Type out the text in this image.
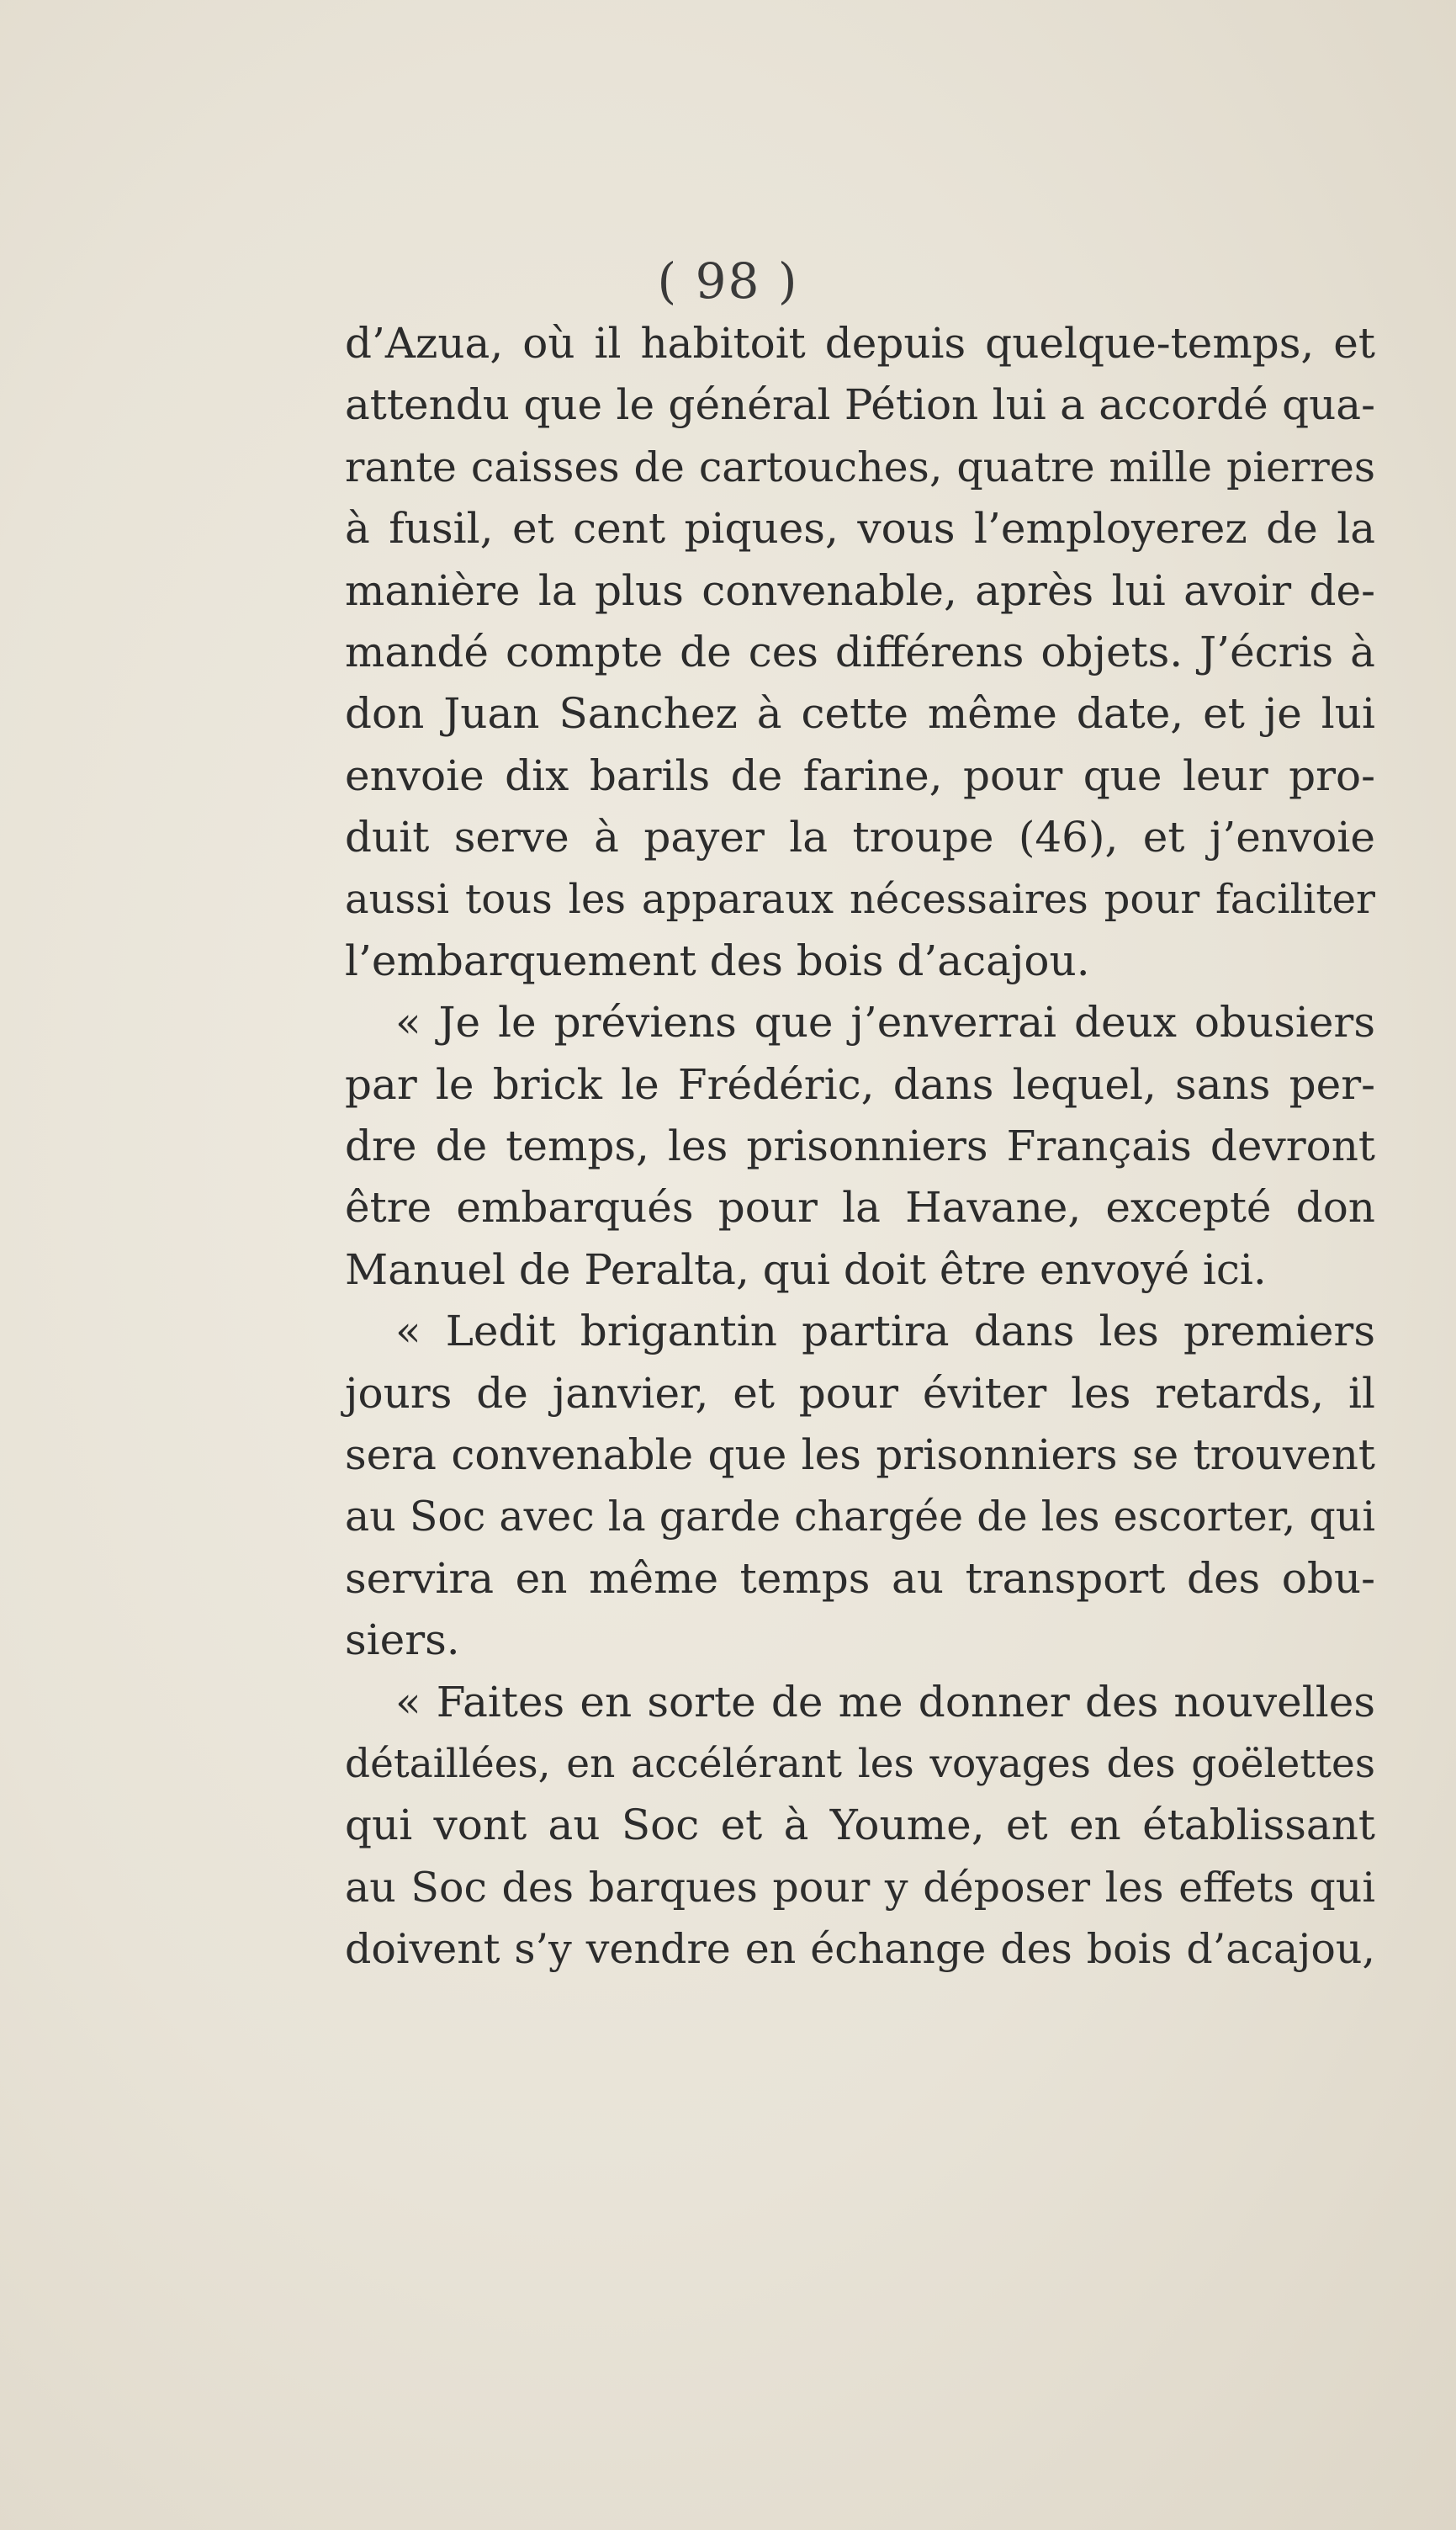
( 98 )
d’Azua, où il habitoit depuis quelque-temps, et
attendu que le général Pétion lui a accordé qua-
rante caisses de cartouches, quatre mille pierres
à fusil, et cent piques, vous l’employerez de la
manière la plus convenable, après lui avoir de-
mandé compte de ces différens objets. J’écris à
don Juan Sanchez à cette même date, et je lui
envoie dix barils de farine, pour que leur pro-
duit serve à payer la troupe (46), et j’envoie
aussi tous les apparaux nécessaires pour faciliter
l’embarquement des bois d’acajou.
« Je le préviens que j’enverrai deux obusiers
par le brick le Frédéric, dans lequel, sans per-
dre de temps, les prisonniers Français devront
être embarqués pour la Havane, excepté don
Manuel de Peralta, qui doit être envoyé ici.
« Ledit brigantin partira dans les premiers
jours de janvier, et pour éviter les retards, il
sera convenable que les prisonniers se trouvent
au Soc avec la garde chargée de les escorter, qui
servira en même temps au transport des obu-
siers.
« Faites en sorte de me donner des nouvelles
détaillées, en accélérant les voyages des goëlettes
qui vont au Soc et à Youme, et en établissant
au Soc des barques pour y déposer les effets qui
doivent s’y vendre en échange des bois d’acajou,
